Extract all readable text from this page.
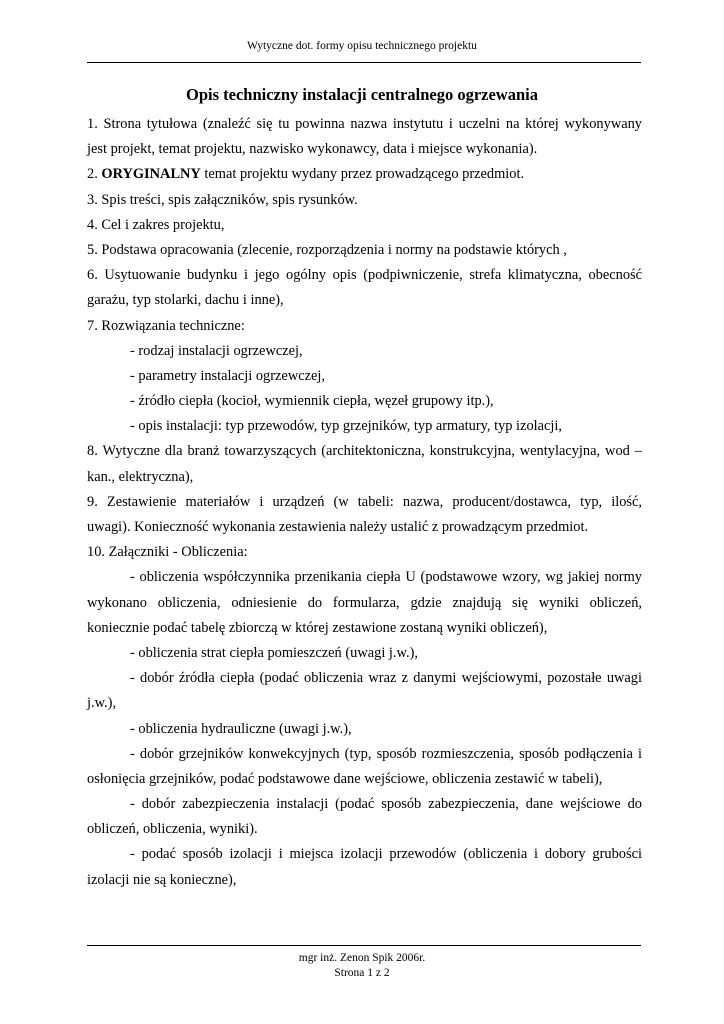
Wytyczne dot. formy opisu technicznego projektu
Opis techniczny instalacji centralnego ogrzewania
1. Strona tytułowa (znaleźć się tu powinna nazwa instytutu i uczelni na której wykonywany
jest projekt, temat projektu, nazwisko wykonawcy, data i miejsce wykonania).
2. ORYGINALNY temat projektu wydany przez prowadzącego przedmiot.
3. Spis treści, spis załączników, spis rysunków.
4. Cel i zakres projektu,
5. Podstawa opracowania (zlecenie, rozporządzenia i normy na podstawie których ,
6. Usytuowanie budynku i jego ogólny opis (podpiwniczenie, strefa klimatyczna, obecność
garażu, typ stolarki, dachu i inne),
7. Rozwiązania techniczne:
- rodzaj instalacji ogrzewczej,
- parametry instalacji ogrzewczej,
- źródło ciepła (kocioł, wymiennik ciepła, węzeł grupowy itp.),
- opis instalacji: typ przewodów, typ grzejników, typ armatury, typ izolacji,
8. Wytyczne dla branż towarzyszących (architektoniczna, konstrukcyjna, wentylacyjna, wod –
kan., elektryczna),
9. Zestawienie materiałów i urządzeń (w tabeli: nazwa, producent/dostawca, typ, ilość,
uwagi). Konieczność wykonania zestawienia należy ustalić z prowadzącym przedmiot.
10. Załączniki - Obliczenia:
- obliczenia współczynnika przenikania ciepła U (podstawowe wzory, wg jakiej normy
wykonano obliczenia, odniesienie do formularza, gdzie znajdują się wyniki obliczeń,
koniecznie podać tabelę zbiorczą w której zestawione zostaną wyniki obliczeń),
- obliczenia strat ciepła pomieszczeń (uwagi j.w.),
- dobór źródła ciepła (podać obliczenia wraz z danymi wejściowymi, pozostałe uwagi
j.w.),
- obliczenia hydrauliczne (uwagi j.w.),
- dobór grzejników konwekcyjnych (typ, sposób rozmieszczenia, sposób podłączenia i
osłonięcia grzejników, podać podstawowe dane wejściowe, obliczenia zestawić w tabeli),
- dobór zabezpieczenia instalacji (podać sposób zabezpieczenia, dane wejściowe do
obliczeń, obliczenia, wyniki).
- podać sposób izolacji i miejsca izolacji przewodów (obliczenia i dobory grubości
izolacji nie są konieczne),
mgr inż. Zenon Spik 2006r.
Strona 1 z 2
